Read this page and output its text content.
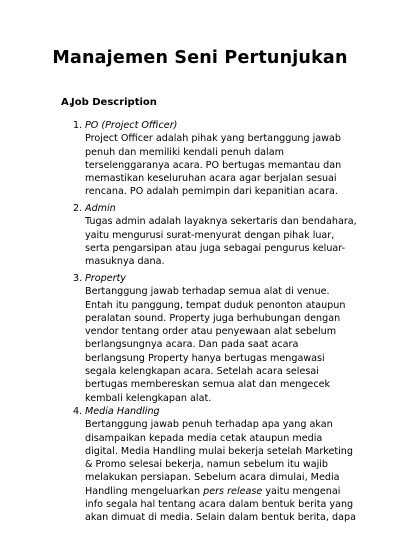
Manajemen Seni Pertunjukan
A.Job Description
1. PO (Project Officer)
Project Officer adalah pihak yang bertanggung jawab
penuh dan memiliki kendali penuh dalam
terselenggaranya acara. PO bertugas memantau dan
memastikan keseluruhan acara agar berjalan sesuai
rencana. PO adalah pemimpin dari kepanitian acara.
2. Admin
Tugas admin adalah layaknya sekertaris dan bendahara,
yaitu mengurusi surat-menyurat dengan pihak luar,
serta pengarsipan atau juga sebagai pengurus keluar-
masuknya dana.
3. Property
Bertanggung jawab terhadap semua alat di venue.
Entah itu panggung, tempat duduk penonton ataupun
peralatan sound. Property juga berhubungan dengan
vendor tentang order atau penyewaan alat sebelum
berlangsungnya acara. Dan pada saat acara
berlangsung Property hanya bertugas mengawasi
segala kelengkapan acara. Setelah acara selesai
bertugas membereskan semua alat dan mengecek
kembali kelengkapan alat.
4. Media Handling
Bertanggung jawab penuh terhadap apa yang akan
disampaikan kepada media cetak ataupun media
digital. Media Handling mulai bekerja setelah Marketing
& Promo selesai bekerja, namun sebelum itu wajib
melakukan persiapan. Sebelum acara dimulai, Media
Handling mengeluarkan pers release yaitu mengenai
info segala hal tentang acara dalam bentuk berita yang
akan dimuat di media. Selain dalam bentuk berita, dapa
